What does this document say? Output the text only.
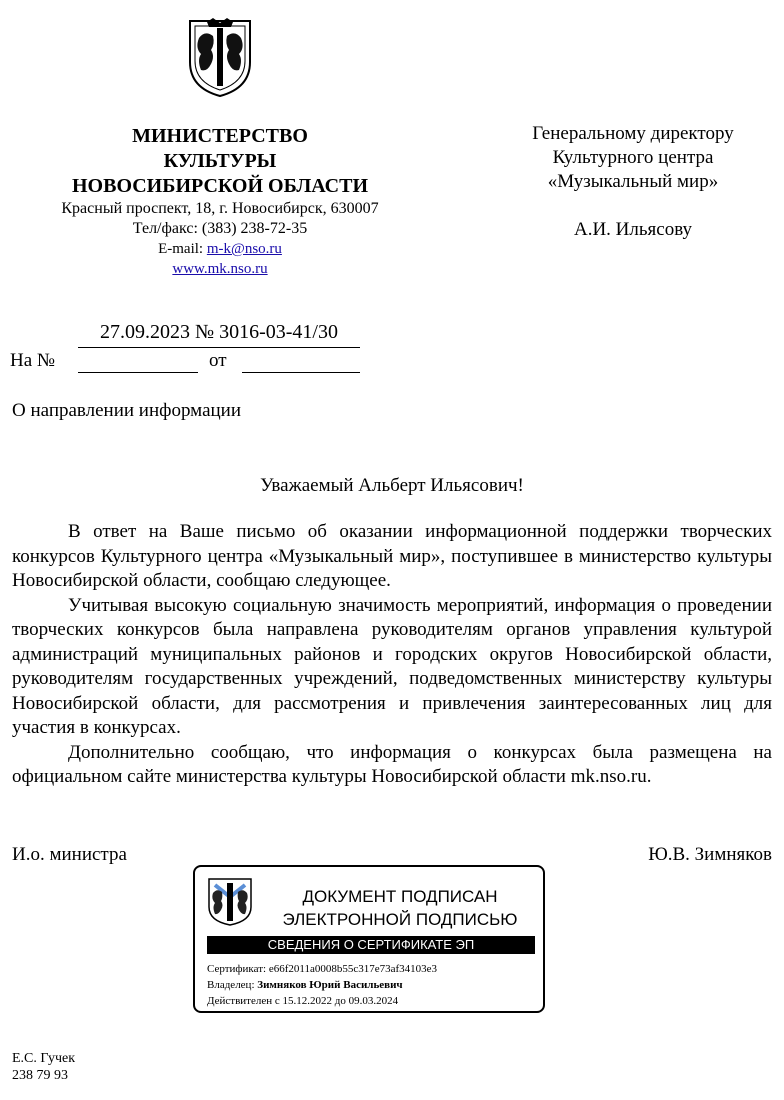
МИНИСТЕРСТВО

КУЛЬТУРЫ

НОВОСИБИРСКОЙ ОБЛАСТИ

Красный проспект, 18, г. Новосибирск, 630007

Тел/факс: (383) 238-72-35

E-mail: m-k@nso.ru

www.mk.nso.ru

Генеральному директору
Культурного центра
«Музыкальный мир»
А.И. Ильясову
27.09.2023 № 3016-03-41/30
На №	от
О направлении информации
Уважаемый Альберт Ильясович!

В ответ на Ваше письмо об оказании информационной поддержки творческих конкурсов Культурного центра «Музыкальный мир», поступившее в министерство культуры Новосибирской области, сообщаю следующее.

Учитывая высокую социальную значимость мероприятий, информация о проведении творческих конкурсов была направлена руководителям органов управления культурой администраций муниципальных районов и городских округов Новосибирской области, руководителям государственных учреждений, подведомственных министерству культуры Новосибирской области, для рассмотрения и привлечения заинтересованных лиц для участия в конкурсах.

Дополнительно сообщаю, что информация о конкурсах была размещена на официальном сайте министерства культуры Новосибирской области mk.nso.ru.

И.о. министра	Ю.В. Зимняков
ДОКУМЕНТ ПОДПИСАН
ЭЛЕКТРОННОЙ ПОДПИСЬЮ
СВЕДЕНИЯ О СЕРТИФИКАТЕ ЭП
Сертификат: e66f2011a0008b55c317e73af34103e3
Владелец: Зимняков Юрий Васильевич
Действителен с 15.12.2022 до 09.03.2024
Е.С. Гучек
238 79 93
